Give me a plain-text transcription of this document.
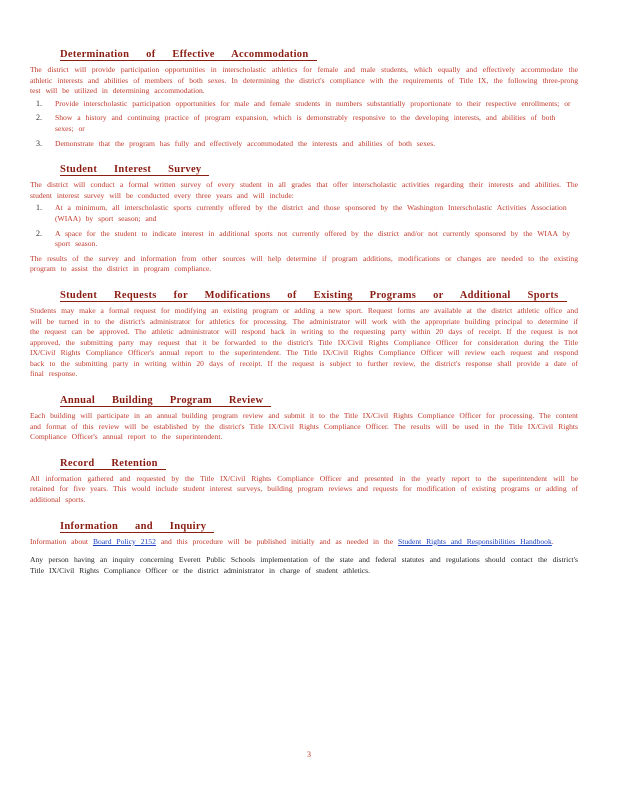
Determination of Effective Accommodation

The district will provide participation opportunities in interscholastic athletics for female and male students, which equally and effectively accommodate the athletic interests and abilities of members of both sexes. In determining the district's compliance with the requirements of Title IX, the following three-prong test will be utilized in determining accommodation.

1. Provide interscholastic participation opportunities for male and female students in numbers substantially proportionate to their respective enrollments; or
2. Show a history and continuing practice of program expansion, which is demonstrably responsive to the developing interests, and abilities of both sexes; or
3. Demonstrate that the program has fully and effectively accommodated the interests and abilities of both sexes.
Student Interest Survey

The district will conduct a formal written survey of every student in all grades that offer interscholastic activities regarding their interests and abilities. The student interest survey will be conducted every three years and will include:

1. At a minimum, all interscholastic sports currently offered by the district and those sponsored by the Washington Interscholastic Activities Association (WIAA) by sport season; and
2. A space for the student to indicate interest in additional sports not currently offered by the district and/or not currently sponsored by the WIAA by sport season.

The results of the survey and information from other sources will help determine if program additions, modifications or changes are needed to the existing program to assist the district in program compliance.

Student Requests for Modifications of Existing Programs or Additional Sports

Students may make a formal request for modifying an existing program or adding a new sport. Request forms are available at the district athletic office and will be turned in to the district's administrator for athletics for processing. The administrator will work with the appropriate building principal to determine if the request can be approved. The athletic administrator will respond back in writing to the requesting party within 20 days of receipt. If the request is not approved, the submitting party may request that it be forwarded to the district's Title IX/Civil Rights Compliance Officer for consideration during the Title IX/Civil Rights Compliance Officer's annual report to the superintendent. The Title IX/Civil Rights Compliance Officer will review each request and respond back to the submitting party in writing within 20 days of receipt. If the request is subject to further review, the district's response shall provide a date of final response.

Annual Building Program Review

Each building will participate in an annual building program review and submit it to the Title IX/Civil Rights Compliance Officer for processing. The content and format of this review will be established by the district's Title IX/Civil Rights Compliance Officer. The results will be used in the Title IX/Civil Rights Compliance Officer's annual report to the superintendent.

Record Retention

All information gathered and requested by the Title IX/Civil Rights Compliance Officer and presented in the yearly report to the superintendent will be retained for five years. This would include student interest surveys, building program reviews and requests for modification of existing programs or adding of additional sports.

Information and Inquiry

Information about Board Policy 2152 and this procedure will be published initially and as needed in the Student Rights and Responsibilities Handbook.

Any person having an inquiry concerning Everett Public Schools implementation of the state and federal statutes and regulations should contact the district's Title IX/Civil Rights Compliance Officer or the district administrator in charge of student athletics.

3
